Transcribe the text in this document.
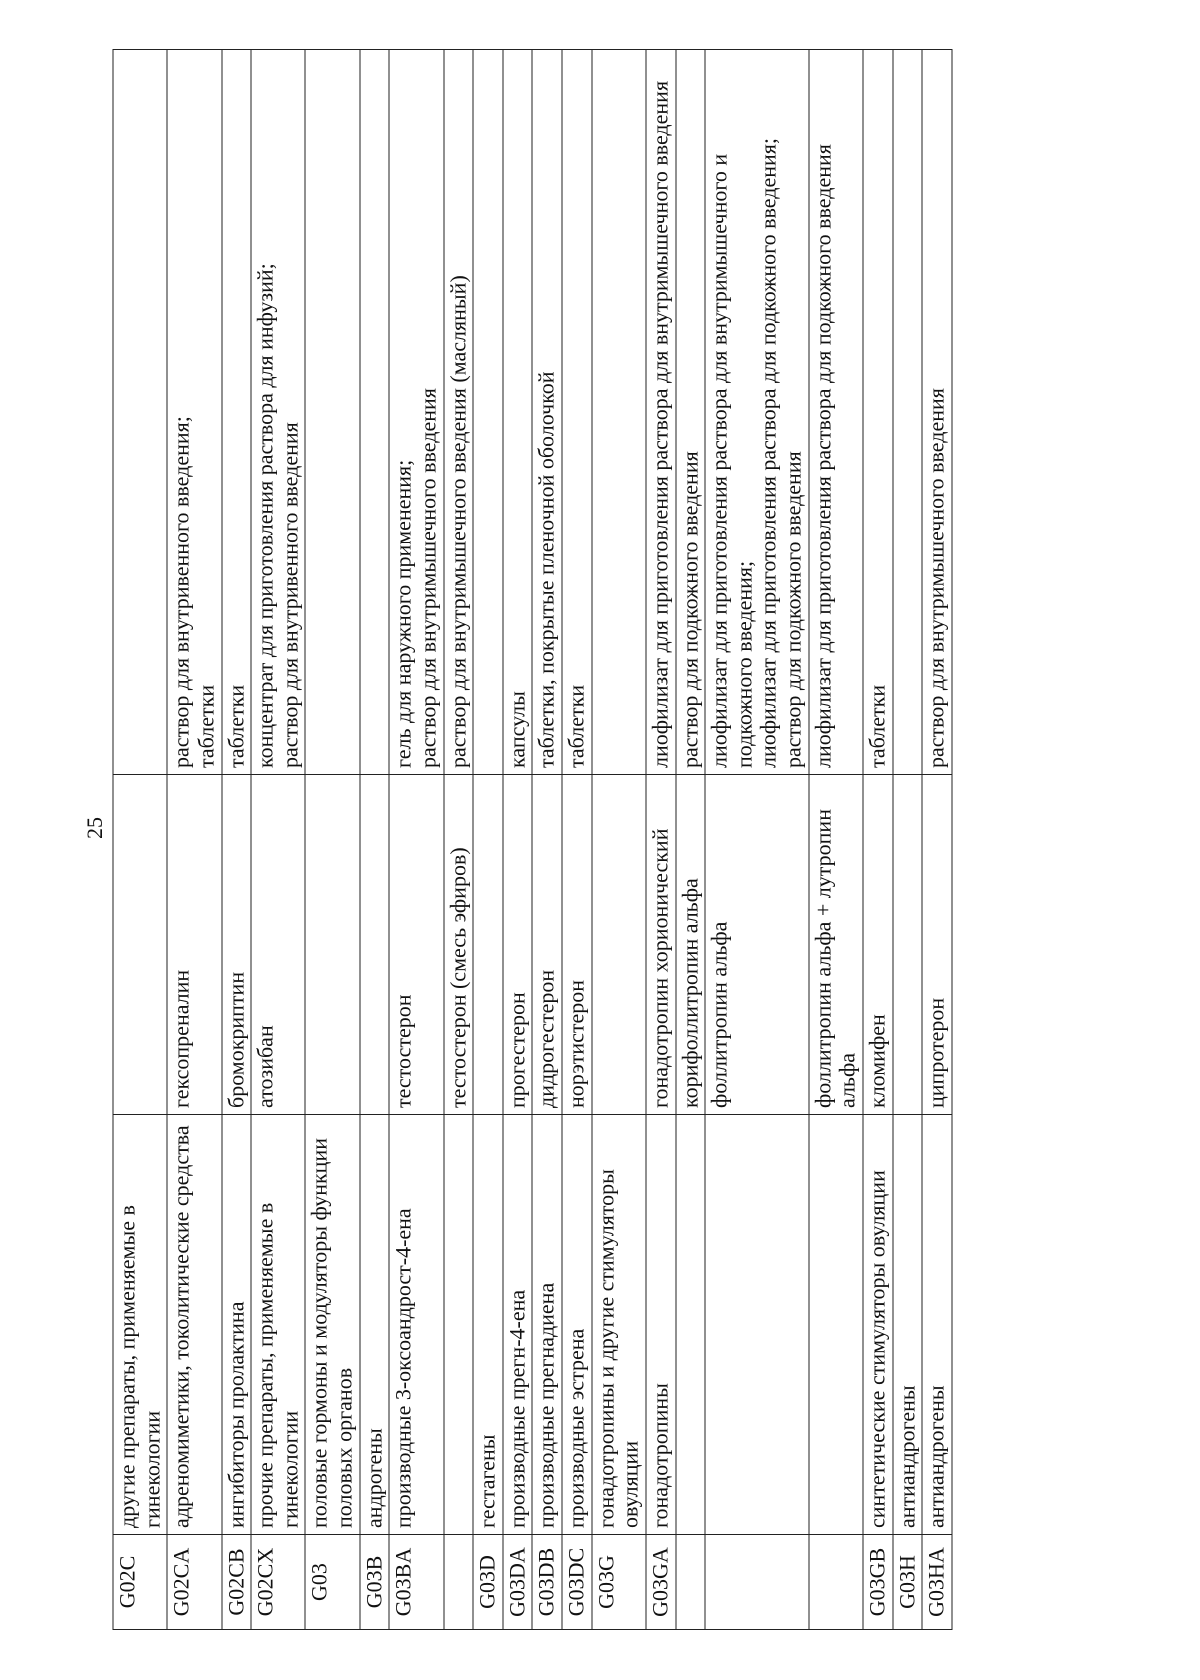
25
G02C	другие препараты, применяемые в гинекологии		
G02CA	адреномиметики, токолитические средства	гексопреналин	раствор для внутривенного введения; таблетки

G02CB	ингибиторы пролактина	бромокриптин	таблетки

G02CX	прочие препараты, применяемые в гинекологии	атозибан	концентрат для приготовления раствора для инфузий; раствор для внутривенного введения

G03	половые гормоны и модуляторы функции половых органов		
G03B	андрогены		
G03BA	производные 3-оксоандрост-4-ена	тестостерон	гель для наружного применения; раствор для внутримышечного введения

		тестостерон (смесь эфиров)	раствор для внутримышечного введения (масляный)

G03D	гестагены		
G03DA	производные прегн-4-ена	прогестерон	капсулы

G03DB	производные прегнадиена	дидрогестерон	таблетки, покрытые пленочной оболочкой

G03DC	производные эстрена	норэтистерон	таблетки

G03G	гонадотропины и другие стимуляторы овуляции		
G03GA	гонадотропины	гонадотропин хорионический	лиофилизат для приготовления раствора для внутримышечного введения

		корифоллитропин альфа	раствор для подкожного введения

		фоллитропин альфа	лиофилизат для приготовления раствора для внутримышечного и подкожного введения; лиофилизат для приготовления раствора для подкожного введения; раствор для подкожного введения

		фоллитропин альфа + лутропин альфа	лиофилизат для приготовления раствора для подкожного введения

G03GB	синтетические стимуляторы овуляции	кломифен	таблетки

G03H	антиандрогены		
G03HA	антиандрогены	ципротерон	раствор для внутримышечного введения
